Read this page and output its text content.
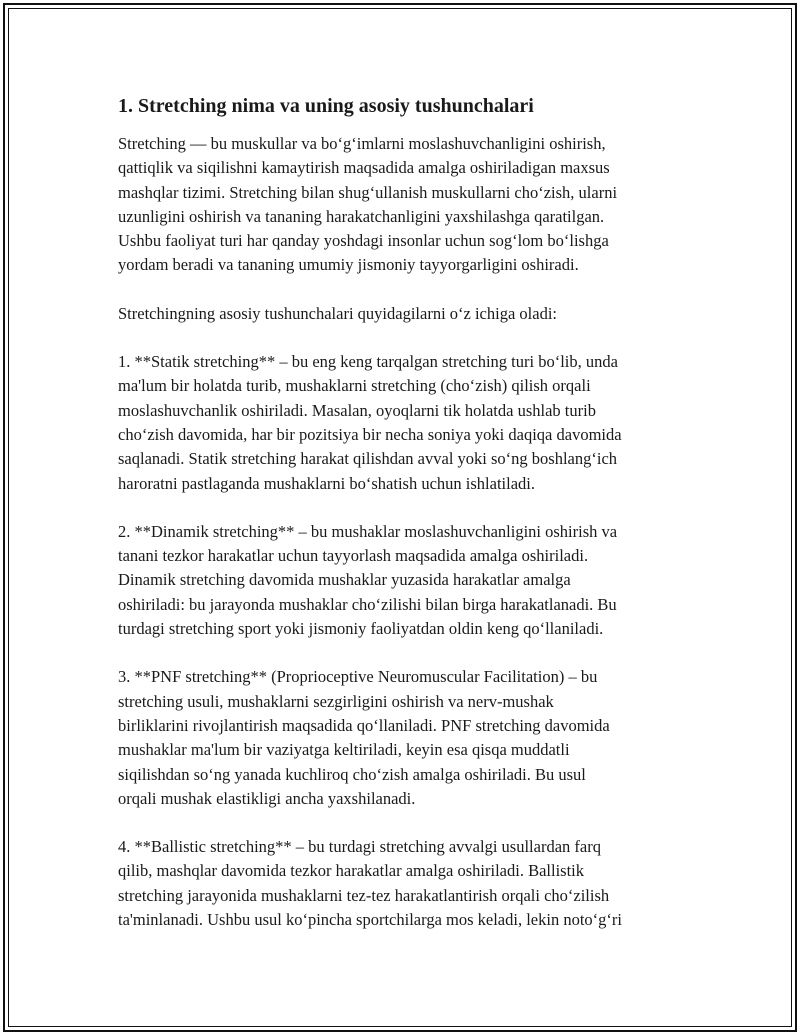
1. Stretching nima va uning asosiy tushunchalari

Stretching — bu muskullar va bo‘g‘imlarni moslashuvchanligini oshirish,
qattiqlik va siqilishni kamaytirish maqsadida amalga oshiriladigan maxsus
mashqlar tizimi. Stretching bilan shug‘ullanish muskullarni cho‘zish, ularni
uzunligini oshirish va tananing harakatchanligini yaxshilashga qaratilgan.
Ushbu faoliyat turi har qanday yoshdagi insonlar uchun sog‘lom bo‘lishga
yordam beradi va tananing umumiy jismoniy tayyorgarligini oshiradi.

Stretchingning asosiy tushunchalari quyidagilarni o‘z ichiga oladi:

1. **Statik stretching** – bu eng keng tarqalgan stretching turi bo‘lib, unda
ma'lum bir holatda turib, mushaklarni stretching (cho‘zish) qilish orqali
moslashuvchanlik oshiriladi. Masalan, oyoqlarni tik holatda ushlab turib
cho‘zish davomida, har bir pozitsiya bir necha soniya yoki daqiqa davomida
saqlanadi. Statik stretching harakat qilishdan avval yoki so‘ng boshlang‘ich
haroratni pastlaganda mushaklarni bo‘shatish uchun ishlatiladi.

2. **Dinamik stretching** – bu mushaklar moslashuvchanligini oshirish va
tanani tezkor harakatlar uchun tayyorlash maqsadida amalga oshiriladi.
Dinamik stretching davomida mushaklar yuzasida harakatlar amalga
oshiriladi: bu jarayonda mushaklar cho‘zilishi bilan birga harakatlanadi. Bu
turdagi stretching sport yoki jismoniy faoliyatdan oldin keng qo‘llaniladi.

3. **PNF stretching** (Proprioceptive Neuromuscular Facilitation) – bu
stretching usuli, mushaklarni sezgirligini oshirish va nerv-mushak
birliklarini rivojlantirish maqsadida qo‘llaniladi. PNF stretching davomida
mushaklar ma'lum bir vaziyatga keltiriladi, keyin esa qisqa muddatli
siqilishdan so‘ng yanada kuchliroq cho‘zish amalga oshiriladi. Bu usul
orqali mushak elastikligi ancha yaxshilanadi.

4. **Ballistic stretching** – bu turdagi stretching avvalgi usullardan farq
qilib, mashqlar davomida tezkor harakatlar amalga oshiriladi. Ballistik
stretching jarayonida mushaklarni tez-tez harakatlantirish orqali cho‘zilish
ta'minlanadi. Ushbu usul ko‘pincha sportchilarga mos keladi, lekin noto‘g‘ri
